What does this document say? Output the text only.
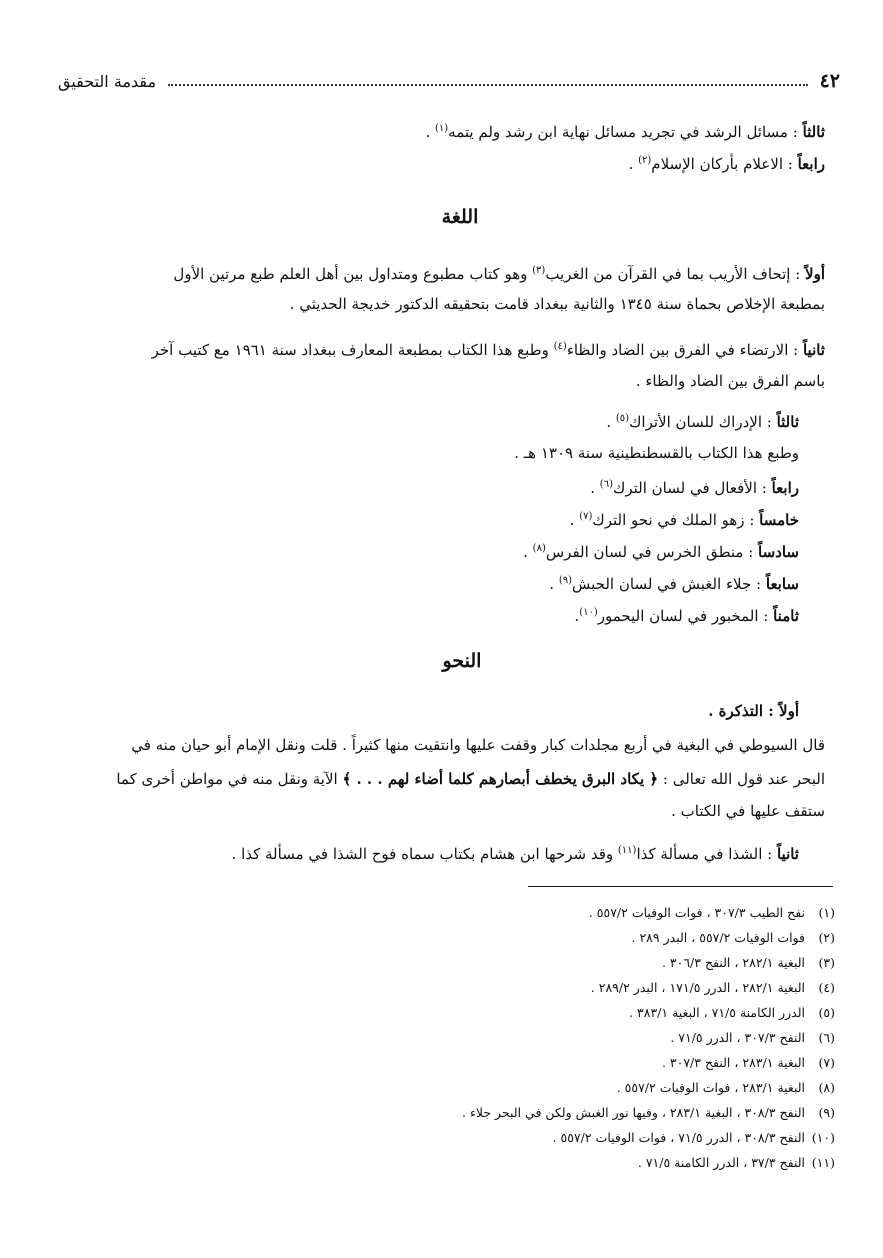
٤٢
مقدمة التحقيق
ثالثاً : مسائل الرشد في تجريد مسائل نهاية ابن رشد ولم يتمه$^{(١)}$ .
رابعاً : الاعلام بأركان الإسلام$^{(٢)}$ .
اللغة
أولاً : إتحاف الأريب بما في القرآن من الغريب$^{(٣)}$ وهو كتاب مطبوع ومتداول بين أهل العلم طبع مرتين الأول
بمطبعة الإخلاص بحماة سنة ١٣٤٥ والثانية ببغداد قامت بتحقيقه الدكتور خديجة الحديثي .
ثانياً : الارتضاء في الفرق بين الضاد والظاء$^{(٤)}$ وطبع هذا الكتاب بمطبعة المعارف ببغداد سنة ١٩٦١ مع كتيب آخر
باسم الفرق بين الضاد والظاء .
ثالثاً : الإدراك للسان الأتراك$^{(٥)}$ .
وطبع هذا الكتاب بالقسطنطينية سنة ١٣٠٩ هـ .
رابعاً : الأفعال في لسان الترك$^{(٦)}$ .
خامساً : زهو الملك في نحو الترك$^{(٧)}$ .
سادساً : منطق الخرس في لسان الفرس$^{(٨)}$ .
سابعاً : جلاء الغبش في لسان الحبش$^{(٩)}$ .
ثامناً : المخبور في لسان اليحمور$^{(١٠)}$.
النحو
أولاً : التذكرة .
قال السيوطي في البغية في أربع مجلدات كبار وقفت عليها وانتقيت منها كثيراً . قلت ونقل الإمام أبو حيان منه في
البحر عند قول الله تعالى : ﴿ يكاد البرق يخطف أبصارهم كلما أضاء لهم . . . ﴾ الآية ونقل منه في مواطن أخرى كما
ستقف عليها في الكتاب .
ثانياً : الشذا في مسألة كذا$^{(١١)}$ وقد شرحها ابن هشام بكتاب سماه فوح الشذا في مسألة كذا .
(١)نفح الطيب ٣٠٧/٣ ، فوات الوفيات ٥٥٧/٢ .
(٢)فوات الوفيات ٥٥٧/٢ ، البدر ٢٨٩ .
(٣)البغية ٢٨٢/١ ، النفح ٣٠٦/٣ .
(٤)البغية ٢٨٢/١ ، الدرر ١٧١/٥ ، البدر ٢٨٩/٢ .
(٥)الدرر الكامنة ٧١/٥ ، البغية ٣٨٣/١ .
(٦)النفح ٣٠٧/٣ ، الدرر ٧١/٥ .
(٧)البغية ٢٨٣/١ ، النفح ٣٠٧/٣ .
(٨)البغية ٢٨٣/١ ، فوات الوفيات ٥٥٧/٢ .
(٩)النفح ٣٠٨/٣ ، البغية ٢٨٣/١ ، وفيها نور الغبش ولكن في البحر جلاء .
(١٠)النفح ٣٠٨/٣ ، الدرر ٧١/٥ ، فوات الوفيات ٥٥٧/٢ .
(١١)النفح ٣٧/٣ ، الدرر الكامنة ٧١/٥ .
